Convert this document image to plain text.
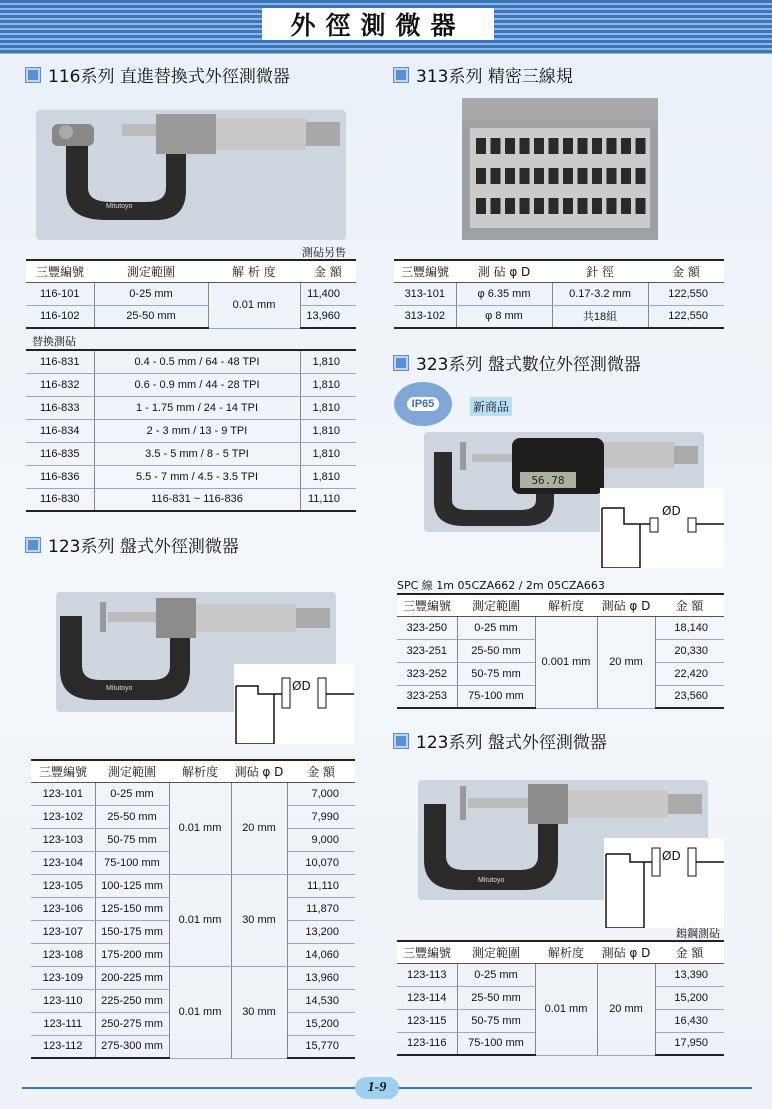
外徑測微器
116系列 直進替換式外徑測微器
Mitutoyo
測砧另售
三豐編號	測定範圍	解 析 度	金 額
116-101	0-25 mm	0.01 mm	11,400
116-102	25-50 mm		13,960
替換測砧
116-831	0.4 - 0.5 mm / 64 - 48 TPI	1,810
116-832	0.6 - 0.9 mm / 44 - 28 TPI	1,810
116-833	1 - 1.75 mm / 24 - 14 TPI	1,810
116-834	2 - 3 mm / 13 - 9 TPI	1,810
116-835	3.5 - 5 mm / 8 - 5 TPI	1,810
116-836	5.5 - 7 mm / 4.5 - 3.5 TPI	1,810
116-830	116-831 ~ 116-836	11,110
313系列 精密三線規
三豐編號	測 砧 φ D	針 徑	金 額
313-101	φ 6.35 mm	0.17-3.2 mm	122,550
313-102	φ 8 mm	共18組	122,550
323系列 盤式數位外徑測微器
IP65	新商品
56.78
ØD
SPC 線 1m 05CZA662 / 2m 05CZA663
三豐編號	測定範圍	解析度	測砧 φ D	金 額
323-250	0-25 mm	0.001 mm	20 mm	18,140
323-251	25-50 mm			20,330
323-252	50-75 mm			22,420
323-253	75-100 mm			23,560
123系列 盤式外徑測微器
Mitutoyo	ØD
三豐編號	測定範圍	解析度	測砧 φ D	金 額
123-101	0-25 mm	0.01 mm	20 mm	7,000
123-102	25-50 mm			7,990
123-103	50-75 mm			9,000
123-104	75-100 mm			10,070
123-105	100-125 mm	0.01 mm	30 mm	11,110
123-106	125-150 mm			11,870
123-107	150-175 mm			13,200
123-108	175-200 mm			14,060
123-109	200-225 mm	0.01 mm	30 mm	13,960
123-110	225-250 mm			14,530
123-111	250-275 mm			15,200
123-112	275-300 mm			15,770
123系列 盤式外徑測微器
Mitutoyo
ØD
鎢鋼測砧
三豐編號	測定範圍	解析度	測砧 φ D	金 額
123-113	0-25 mm	0.01 mm	20 mm	13,390
123-114	25-50 mm			15,200
123-115	50-75 mm			16,430
123-116	75-100 mm			17,950
1-9
